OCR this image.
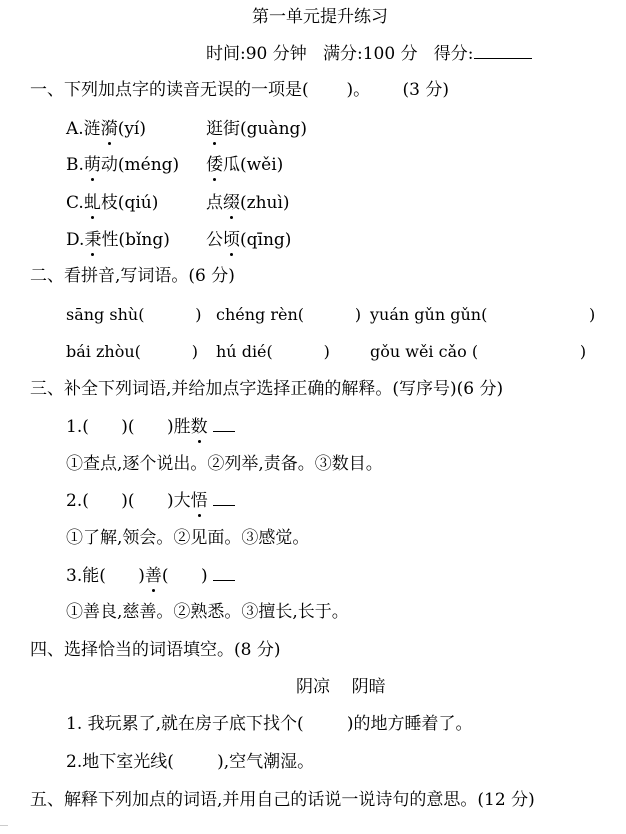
第一单元提升练习
时间:90 分钟 满分:100 分 得分:
一、下列加点字的读音无误的一项是( )。 (3 分)
A.涟漪(yí)	逛街(guàng)
B.萌动(méng) 倭瓜(wěi)
C.虬枝(qiú)	点缀(zhuì)
D.秉性(bǐng) 公顷(qīng)
二、看拼音,写词语。(6 分)
sāng shù(          ) chéng rèn(          ) yuán gǔn gǔn(                    )
bái zhòu(          ) hú dié(          )	gǒu wěi cǎo (                    )
三、补全下列词语,并给加点字选择正确的解释。(写序号)(6 分)
1.(      )(      )胜数
①查点,逐个说出。②列举,责备。③数目。
2.(      )(      )大悟
①了解,领会。②见面。③感觉。
3.能(      )善(      )
①善良,慈善。②熟悉。③擅长,长于。
四、选择恰当的词语填空。(8 分)
阴凉    阴暗
1. 我玩累了,就在房子底下找个(        )的地方睡着了。
2.地下室光线(        ),空气潮湿。
五、解释下列加点的词语,并用自己的话说一说诗句的意思。(12 分)
